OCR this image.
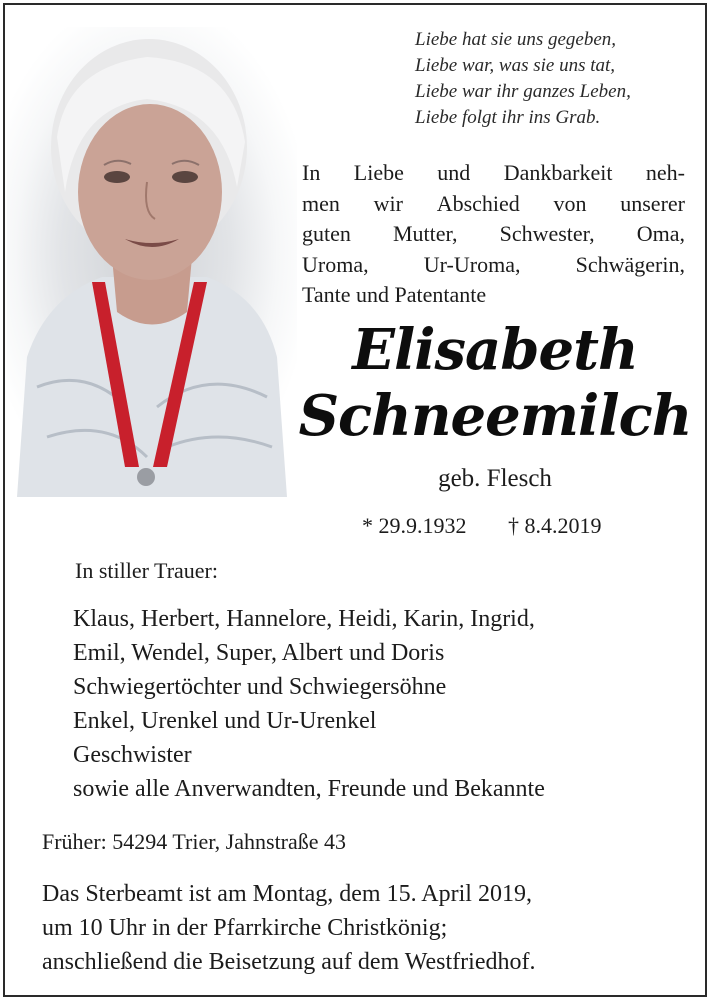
Liebe hat sie uns gegeben,
Liebe war, was sie uns tat,
Liebe war ihr ganzes Leben,
Liebe folgt ihr ins Grab.
In Liebe und Dankbarkeit neh-
men wir Abschied von unserer
guten Mutter, Schwester, Oma,
Uroma,	Ur-Uroma,	Schwägerin,
Tante und Patentante
Elisabeth
Schneemilch
geb. Flesch
* 29.9.1932 † 8.4.2019
In stiller Trauer:
Klaus, Herbert, Hannelore, Heidi, Karin, Ingrid,
Emil, Wendel, Super, Albert und Doris
Schwiegertöchter und Schwiegersöhne
Enkel, Urenkel und Ur-Urenkel
Geschwister
sowie alle Anverwandten, Freunde und Bekannte
Früher: 54294 Trier, Jahnstraße 43
Das Sterbeamt ist am Montag, dem 15. April 2019,
um 10 Uhr in der Pfarrkirche Christkönig;
anschließend die Beisetzung auf dem Westfriedhof.
